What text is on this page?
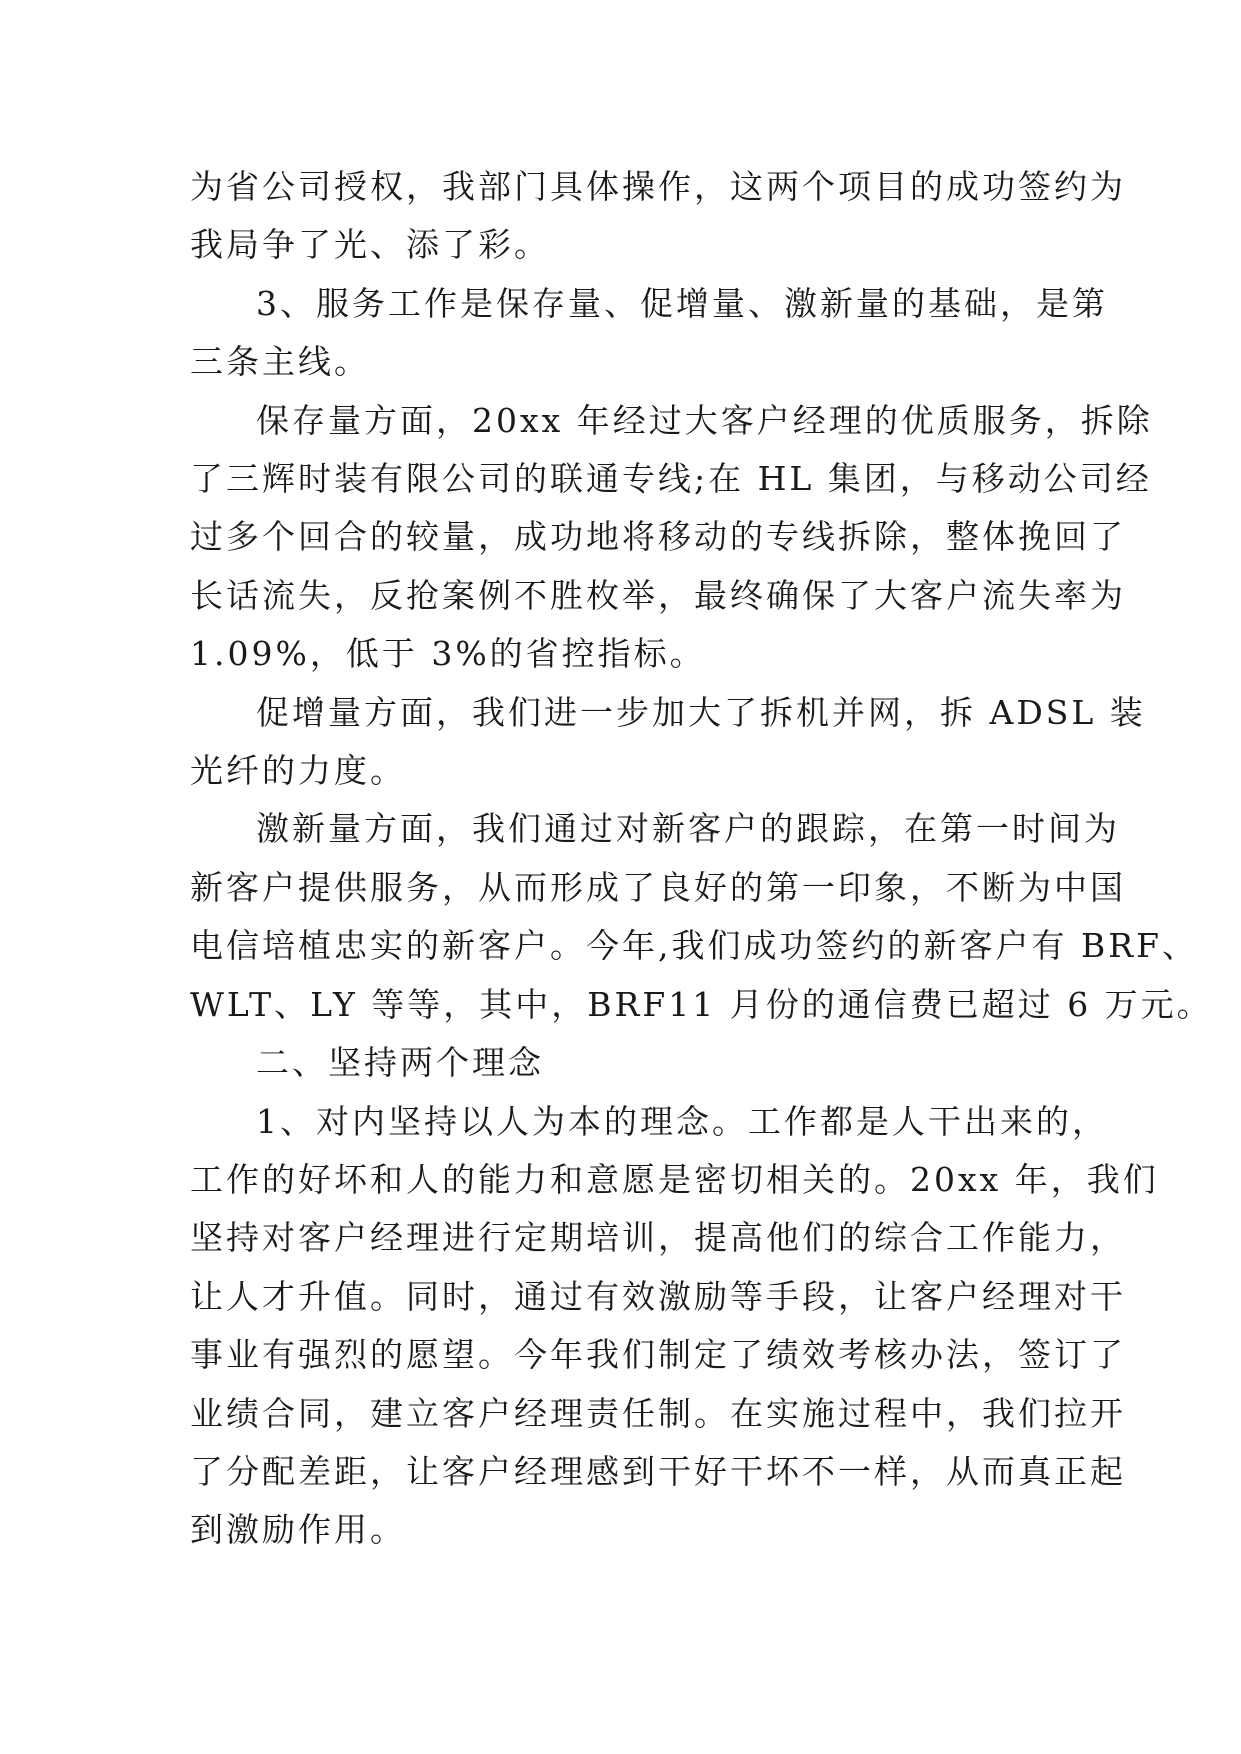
为省公司授权，我部门具体操作，这两个项目的成功签约为
我局争了光、添了彩。
3、服务工作是保存量、促增量、激新量的基础，是第
三条主线。
保存量方面，20xx 年经过大客户经理的优质服务，拆除
了三辉时装有限公司的联通专线;在 HL 集团，与移动公司经
过多个回合的较量，成功地将移动的专线拆除，整体挽回了
长话流失，反抢案例不胜枚举，最终确保了大客户流失率为
1.09%，低于 3%的省控指标。
促增量方面，我们进一步加大了拆机并网，拆 ADSL 装
光纤的力度。
激新量方面，我们通过对新客户的跟踪，在第一时间为
新客户提供服务，从而形成了良好的第一印象，不断为中国
电信培植忠实的新客户。今年,我们成功签约的新客户有 BRF、
WLT、LY 等等，其中，BRF11 月份的通信费已超过 6 万元。
二、坚持两个理念
1、对内坚持以人为本的理念。工作都是人干出来的，
工作的好坏和人的能力和意愿是密切相关的。20xx 年，我们
坚持对客户经理进行定期培训，提高他们的综合工作能力，
让人才升值。同时，通过有效激励等手段，让客户经理对干
事业有强烈的愿望。今年我们制定了绩效考核办法，签订了
业绩合同，建立客户经理责任制。在实施过程中，我们拉开
了分配差距，让客户经理感到干好干坏不一样，从而真正起
到激励作用。
